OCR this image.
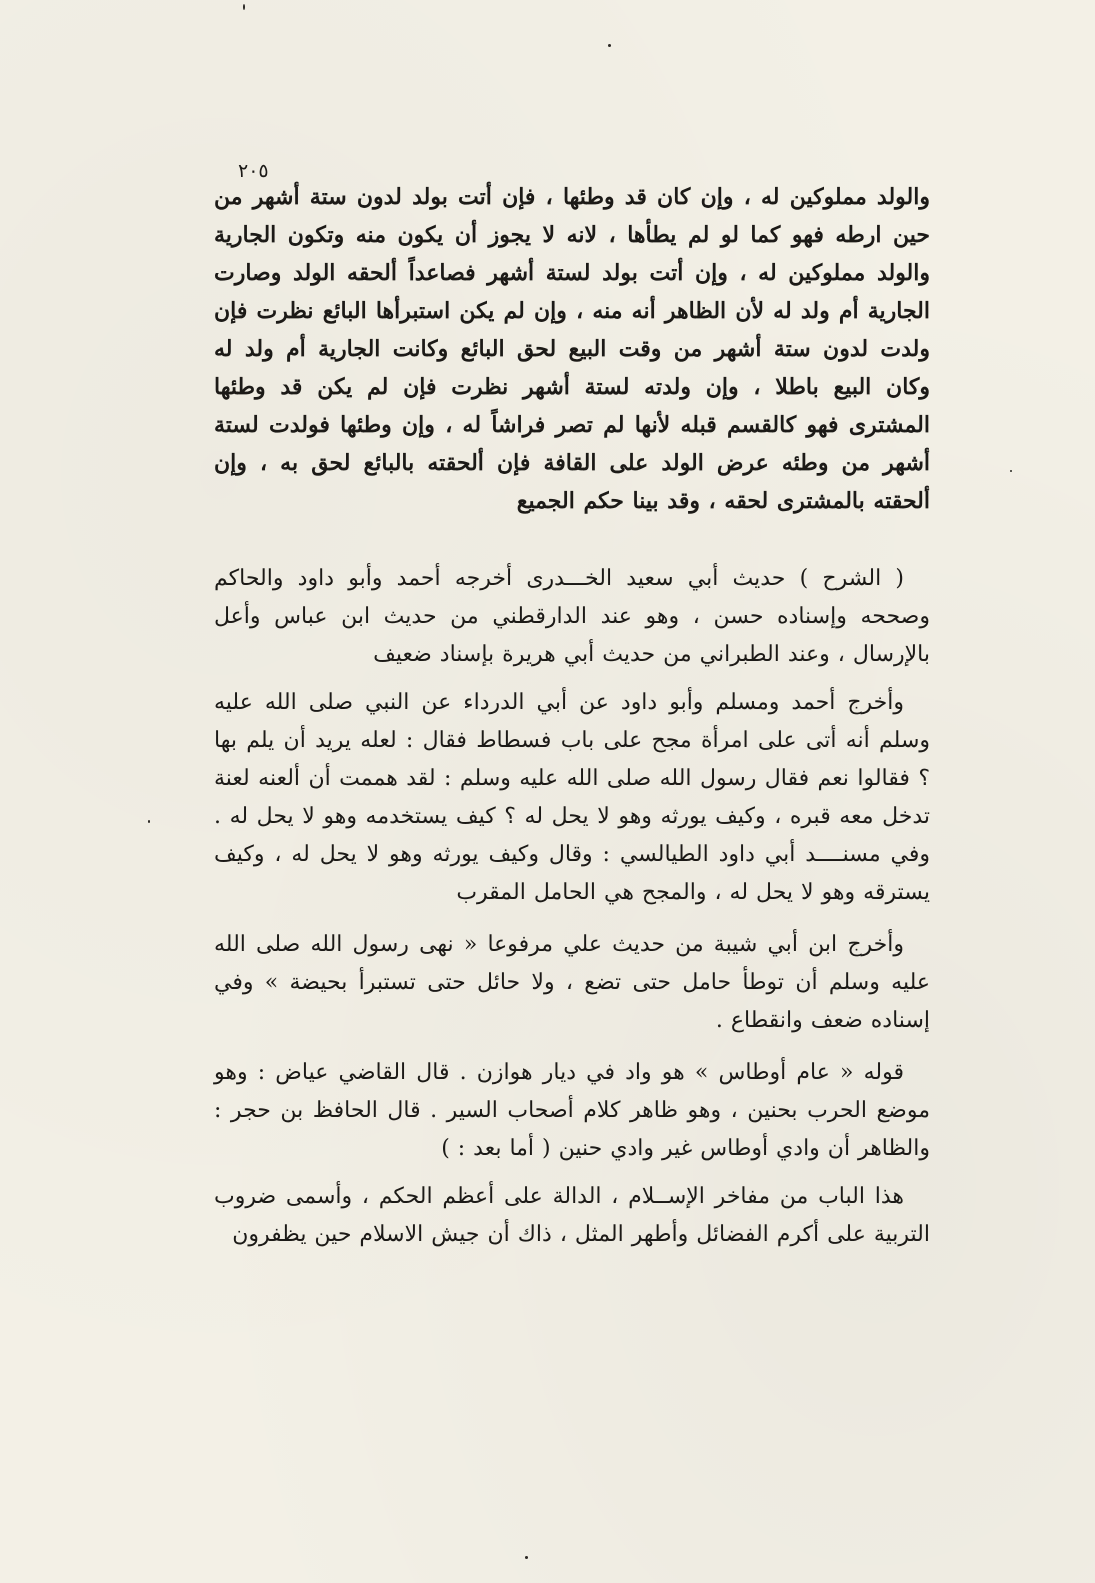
٢٠٥

والولد مملوكين له ، وإن كان قد وطئها ، فإن أتت بولد لدون ستة أشهر من حين ارطه فهو كما لو لم يطأها ، لانه لا يجوز أن يكون منه وتكون الجارية والولد مملوكين له ، وإن أتت بولد لستة أشهر فصاعداً ألحقه الولد وصارت الجارية أم ولد له لأن الظاهر أنه منه ، وإن لم يكن استبرأها البائع نظرت فإن ولدت لدون ستة أشهر من وقت البيع لحق البائع وكانت الجارية أم ولد له وكان البيع باطلا ، وإن ولدته لستة أشهر نظرت فإن لم يكن قد وطئها المشترى فهو كالقسم قبله لأنها لم تصر فراشاً له ، وإن وطئها فولدت لستة أشهر من وطئه عرض الولد على القافة فإن ألحقته بالبائع لحق به ، وإن ألحقته بالمشترى لحقه ، وقد بينا حكم الجميع

( الشرح ) حديث أبي سعيد الخـــدرى أخرجه أحمد وأبو داود والحاكم وصححه وإسناده حسن ، وهو عند الدارقطني من حديث ابن عباس وأعل بالإرسال ، وعند الطبراني من حديث أبي هريرة بإسناد ضعيف

وأخرج أحمد ومسلم وأبو داود عن أبي الدرداء عن النبي صلى الله عليه وسلم أنه أتى على امرأة مجح على باب فسطاط فقال : لعله يريد أن يلم بها ؟ فقالوا نعم فقال رسول الله صلى الله عليه وسلم : لقد هممت أن ألعنه لعنة تدخل معه قبره ، وكيف يورثه وهو لا يحل له ؟ كيف يستخدمه وهو لا يحل له . وفي مسنــــد أبي داود الطيالسي : وقال وكيف يورثه وهو لا يحل له ، وكيف يسترقه وهو لا يحل له ، والمجح هي الحامل المقرب

وأخرج ابن أبي شيبة من حديث علي مرفوعا « نهى رسول الله صلى الله عليه وسلم أن توطأ حامل حتى تضع ، ولا حائل حتى تستبرأ بحيضة » وفي إسناده ضعف وانقطاع .

قوله « عام أوطاس » هو واد في ديار هوازن . قال القاضي عياض : وهو موضع الحرب بحنين ، وهو ظاهر كلام أصحاب السير . قال الحافظ بن حجر : والظاهر أن وادي أوطاس غير وادي حنين ( أما بعد : )

هذا الباب من مفاخر الإســلام ، الدالة على أعظم الحكم ، وأسمى ضروب التربية على أكرم الفضائل وأطهر المثل ، ذاك أن جيش الاسلام حين يظفرون
